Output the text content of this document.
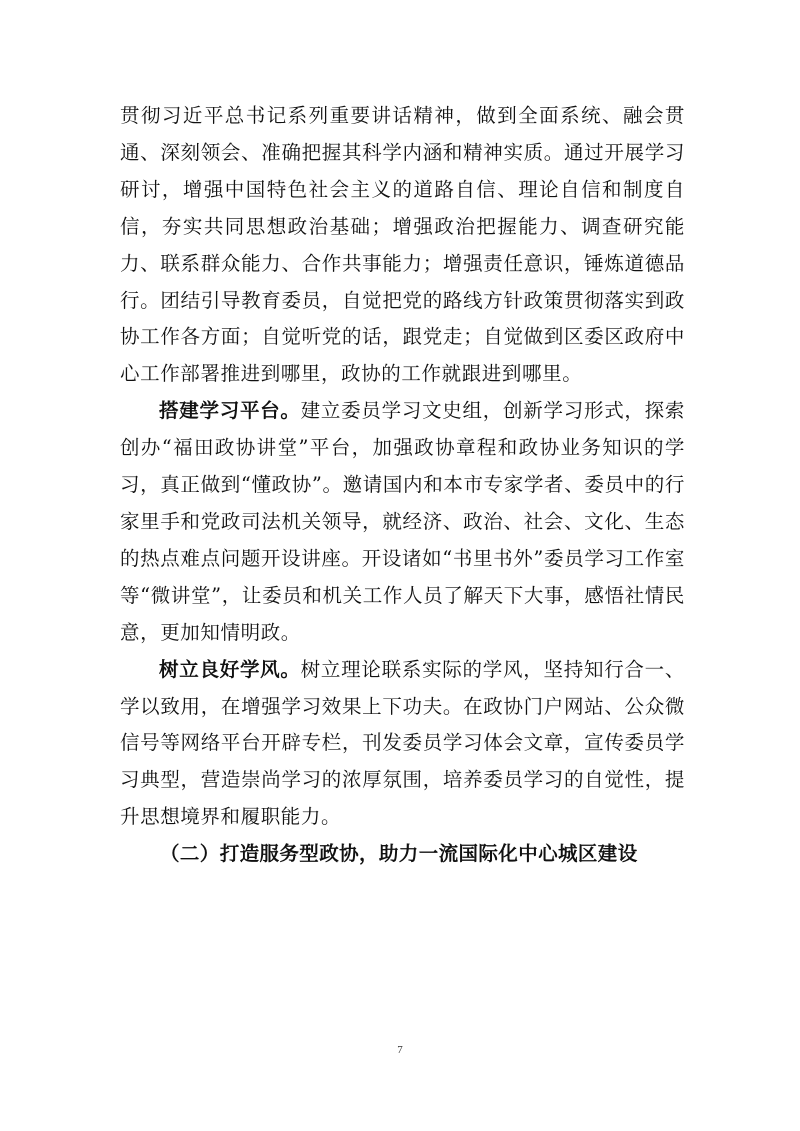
贯彻习近平总书记系列重要讲话精神，做到全面系统、融会贯通、深刻领会、准确把握其科学内涵和精神实质。通过开展学习研讨，增强中国特色社会主义的道路自信、理论自信和制度自信，夯实共同思想政治基础；增强政治把握能力、调查研究能力、联系群众能力、合作共事能力；增强责任意识，锤炼道德品行。团结引导教育委员，自觉把党的路线方针政策贯彻落实到政协工作各方面；自觉听党的话，跟党走；自觉做到区委区政府中心工作部署推进到哪里，政协的工作就跟进到哪里。

搭建学习平台。建立委员学习文史组，创新学习形式，探索创办“福田政协讲堂”平台，加强政协章程和政协业务知识的学习，真正做到“懂政协”。邀请国内和本市专家学者、委员中的行家里手和党政司法机关领导，就经济、政治、社会、文化、生态的热点难点问题开设讲座。开设诸如“书里书外”委员学习工作室等“微讲堂”，让委员和机关工作人员了解天下大事，感悟社情民意，更加知情明政。

树立良好学风。树立理论联系实际的学风，坚持知行合一、学以致用，在增强学习效果上下功夫。在政协门户网站、公众微信号等网络平台开辟专栏，刊发委员学习体会文章，宣传委员学习典型，营造崇尚学习的浓厚氛围，培养委员学习的自觉性，提升思想境界和履职能力。

（二）打造服务型政协，助力一流国际化中心城区建设

7
